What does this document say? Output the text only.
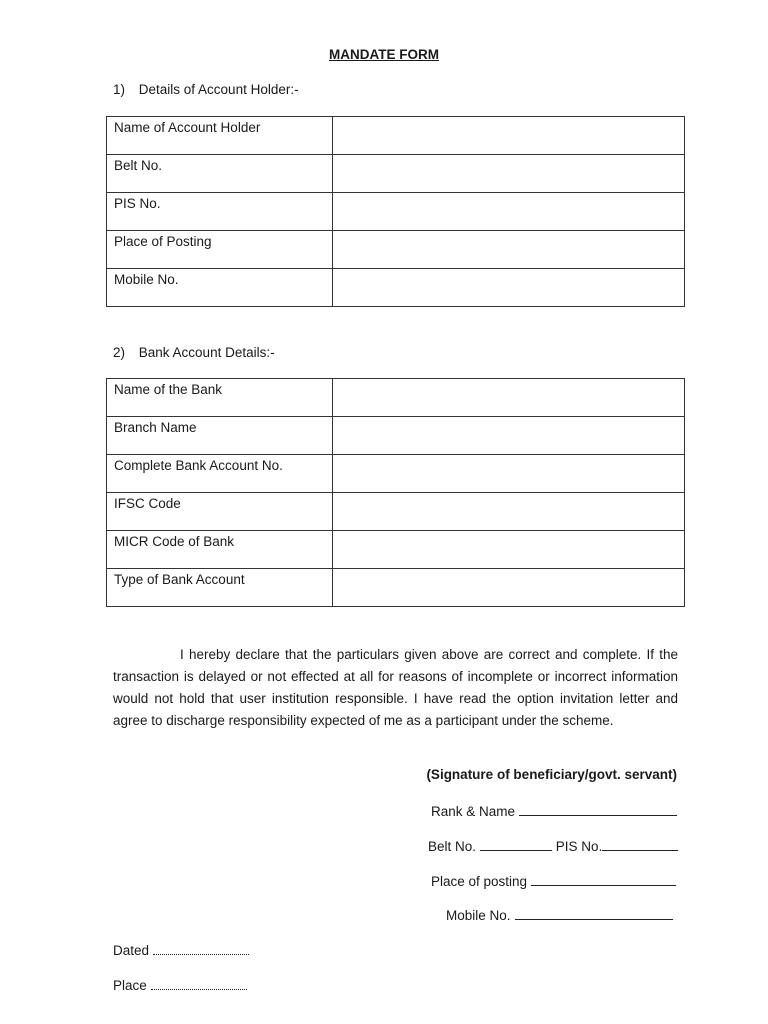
MANDATE FORM
1) Details of Account Holder:-
Name of Account Holder	
Belt No.	
PIS No.	
Place of Posting	
Mobile No.	
2) Bank Account Details:-
Name of the Bank	
Branch Name	
Complete Bank Account No.	
IFSC Code	
MICR Code of Bank	
Type of Bank Account	
I hereby declare that the particulars given above are correct and complete. If the transaction is delayed or not effected at all for reasons of incomplete or incorrect information would not hold that user institution responsible. I have read the option invitation letter and agree to discharge responsibility expected of me as a participant under the scheme.
(Signature of beneficiary/govt. servant)
Rank & Name
Belt No.	PIS No.
Place of posting
Mobile No.
Dated
Place
